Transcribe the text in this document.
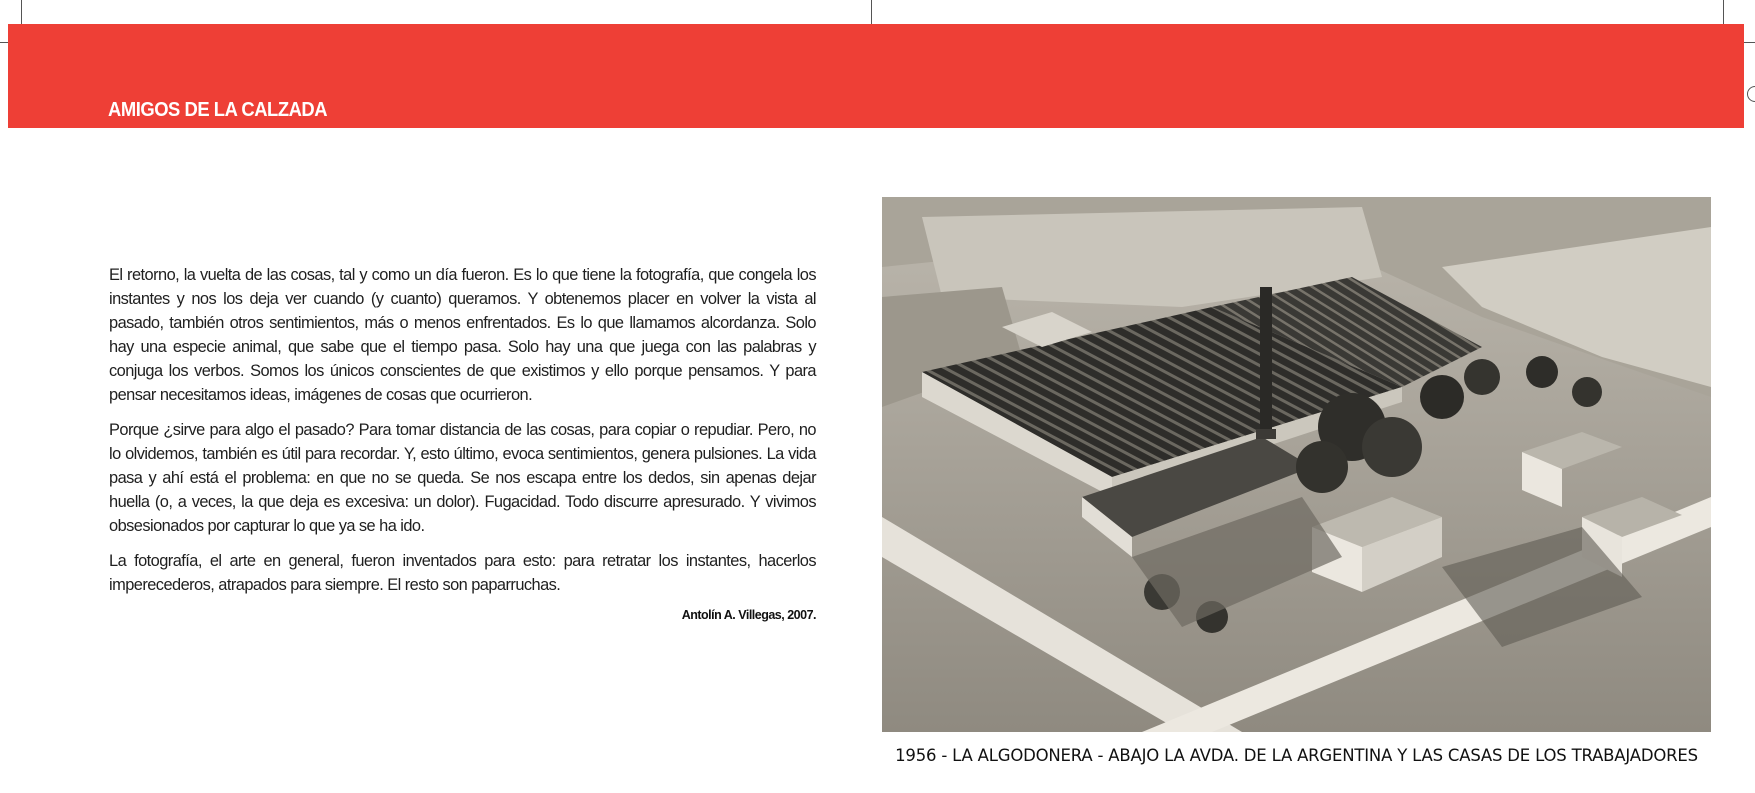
AMIGOS DE LA CALZADA

El retorno, la vuelta de las cosas, tal y como un día fueron. Es lo que tiene la fotografía, que congela los instantes y nos los deja ver cuando (y cuanto) queramos. Y obtenemos placer en volver la vista al pasado, también otros sentimientos, más o menos enfrentados. Es lo que llamamos alcordanza. Solo hay una especie animal, que sabe que el tiempo pasa. Solo hay una que juega con las palabras y conjuga los verbos. Somos los únicos conscientes de que existimos y ello porque pensamos. Y para pensar necesitamos ideas, imágenes de cosas que ocurrieron.

Porque ¿sirve para algo el pasado? Para tomar distancia de las cosas, para copiar o repudiar. Pero, no lo olvidemos, también es útil para recordar. Y, esto último, evoca sentimientos, genera pulsiones. La vida pasa y ahí está el problema: en que no se queda. Se nos escapa entre los dedos, sin apenas dejar huella (o, a veces, la que deja es excesiva: un dolor). Fugacidad. Todo discurre apresurado. Y vivimos obsesionados por capturar lo que ya se ha ido.

La fotografía, el arte en general, fueron inventados para esto: para retratar los instantes, hacerlos imperecederos, atrapados para siempre. El resto son paparruchas.

Antolín A. Villegas, 2007.
1956 - LA ALGODONERA - ABAJO LA AVDA. DE LA ARGENTINA Y LAS CASAS DE LOS TRABAJADORES
